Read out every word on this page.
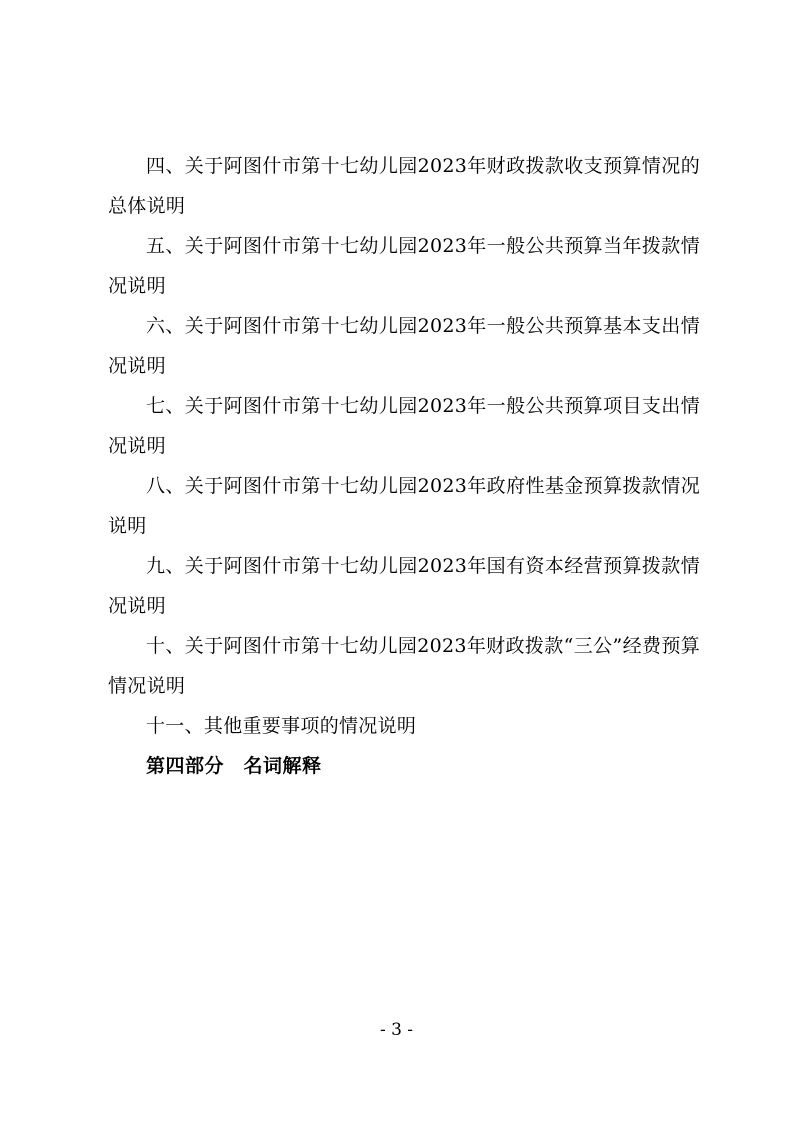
四、关于阿图什市第十七幼儿园2023年财政拨款收支预算情况的总体说明

五、关于阿图什市第十七幼儿园2023年一般公共预算当年拨款情况说明

六、关于阿图什市第十七幼儿园2023年一般公共预算基本支出情况说明

七、关于阿图什市第十七幼儿园2023年一般公共预算项目支出情况说明

八、关于阿图什市第十七幼儿园2023年政府性基金预算拨款情况说明

九、关于阿图什市第十七幼儿园2023年国有资本经营预算拨款情况说明

十、关于阿图什市第十七幼儿园2023年财政拨款“三公”经费预算情况说明

十一、其他重要事项的情况说明

第四部分　名词解释

- 3 -
